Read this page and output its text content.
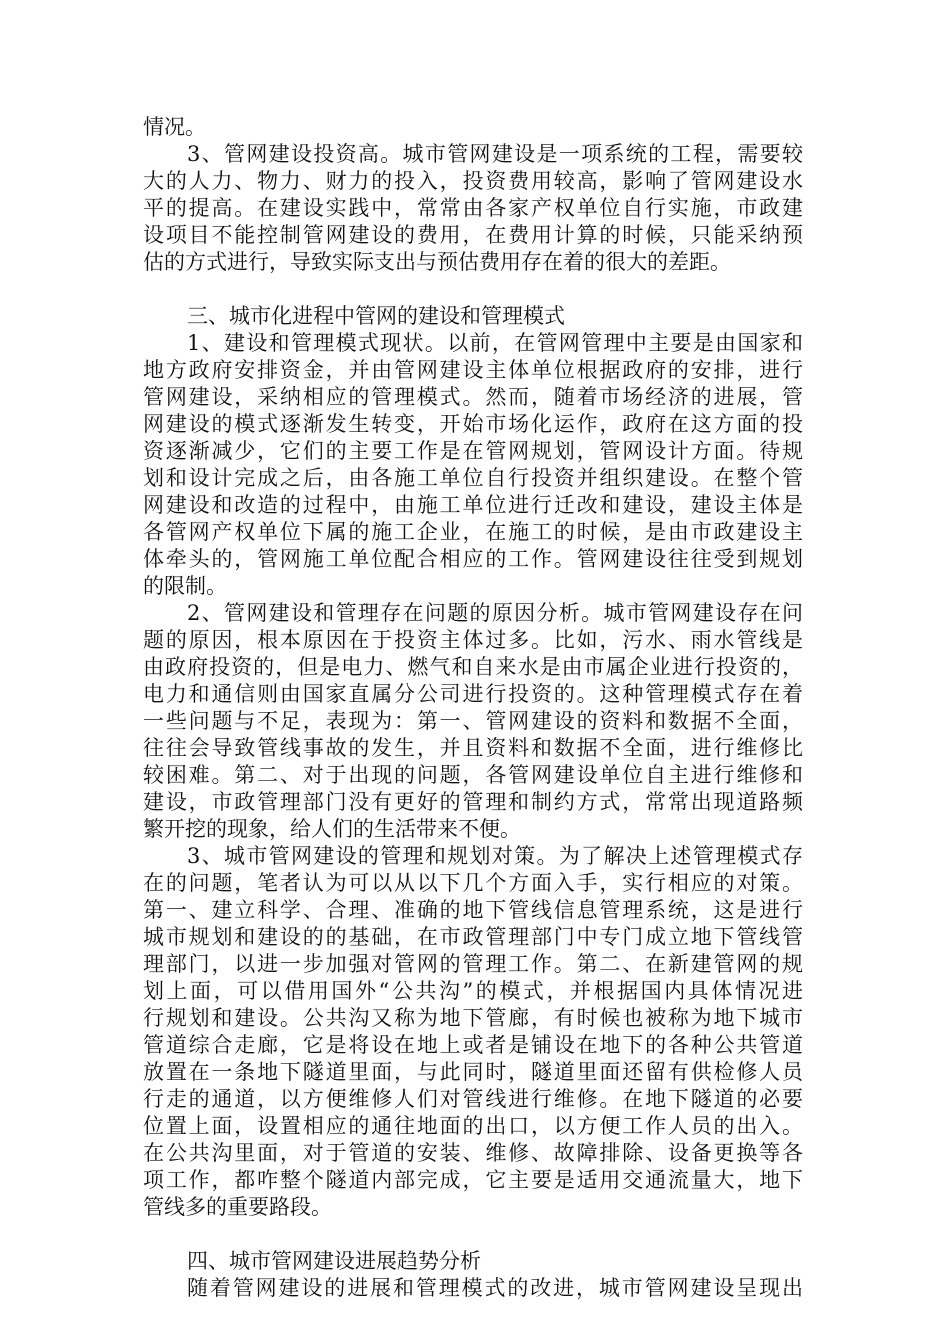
情况。
3、管网建设投资高。城市管网建设是一项系统的工程，需要较
大的人力、物力、财力的投入，投资费用较高，影响了管网建设水
平的提高。在建设实践中，常常由各家产权单位自行实施，市政建
设项目不能控制管网建设的费用，在费用计算的时候，只能采纳预
估的方式进行，导致实际支出与预估费用存在着的很大的差距。
三、城市化进程中管网的建设和管理模式
1、建设和管理模式现状。以前，在管网管理中主要是由国家和
地方政府安排资金，并由管网建设主体单位根据政府的安排，进行
管网建设，采纳相应的管理模式。然而，随着市场经济的进展，管
网建设的模式逐渐发生转变，开始市场化运作，政府在这方面的投
资逐渐减少，它们的主要工作是在管网规划，管网设计方面。待规
划和设计完成之后，由各施工单位自行投资并组织建设。在整个管
网建设和改造的过程中，由施工单位进行迁改和建设，建设主体是
各管网产权单位下属的施工企业，在施工的时候，是由市政建设主
体牵头的，管网施工单位配合相应的工作。管网建设往往受到规划
的限制。
2、管网建设和管理存在问题的原因分析。城市管网建设存在问
题的原因，根本原因在于投资主体过多。比如，污水、雨水管线是
由政府投资的，但是电力、燃气和自来水是由市属企业进行投资的，
电力和通信则由国家直属分公司进行投资的。这种管理模式存在着
一些问题与不足，表现为：第一、管网建设的资料和数据不全面，
往往会导致管线事故的发生，并且资料和数据不全面，进行维修比
较困难。第二、对于出现的问题，各管网建设单位自主进行维修和
建设，市政管理部门没有更好的管理和制约方式，常常出现道路频
繁开挖的现象，给人们的生活带来不便。
3、城市管网建设的管理和规划对策。为了解决上述管理模式存
在的问题，笔者认为可以从以下几个方面入手，实行相应的对策。
第一、建立科学、合理、准确的地下管线信息管理系统，这是进行
城市规划和建设的的基础，在市政管理部门中专门成立地下管线管
理部门，以进一步加强对管网的管理工作。第二、在新建管网的规
划上面，可以借用国外“公共沟”的模式，并根据国内具体情况进
行规划和建设。公共沟又称为地下管廊，有时候也被称为地下城市
管道综合走廊，它是将设在地上或者是铺设在地下的各种公共管道
放置在一条地下隧道里面，与此同时，隧道里面还留有供检修人员
行走的通道，以方便维修人们对管线进行维修。在地下隧道的必要
位置上面，设置相应的通往地面的出口，以方便工作人员的出入。
在公共沟里面，对于管道的安装、维修、故障排除、设备更换等各
项工作，都咋整个隧道内部完成，它主要是适用交通流量大，地下
管线多的重要路段。
四、城市管网建设进展趋势分析
随着管网建设的进展和管理模式的改进，城市管网建设呈现出
